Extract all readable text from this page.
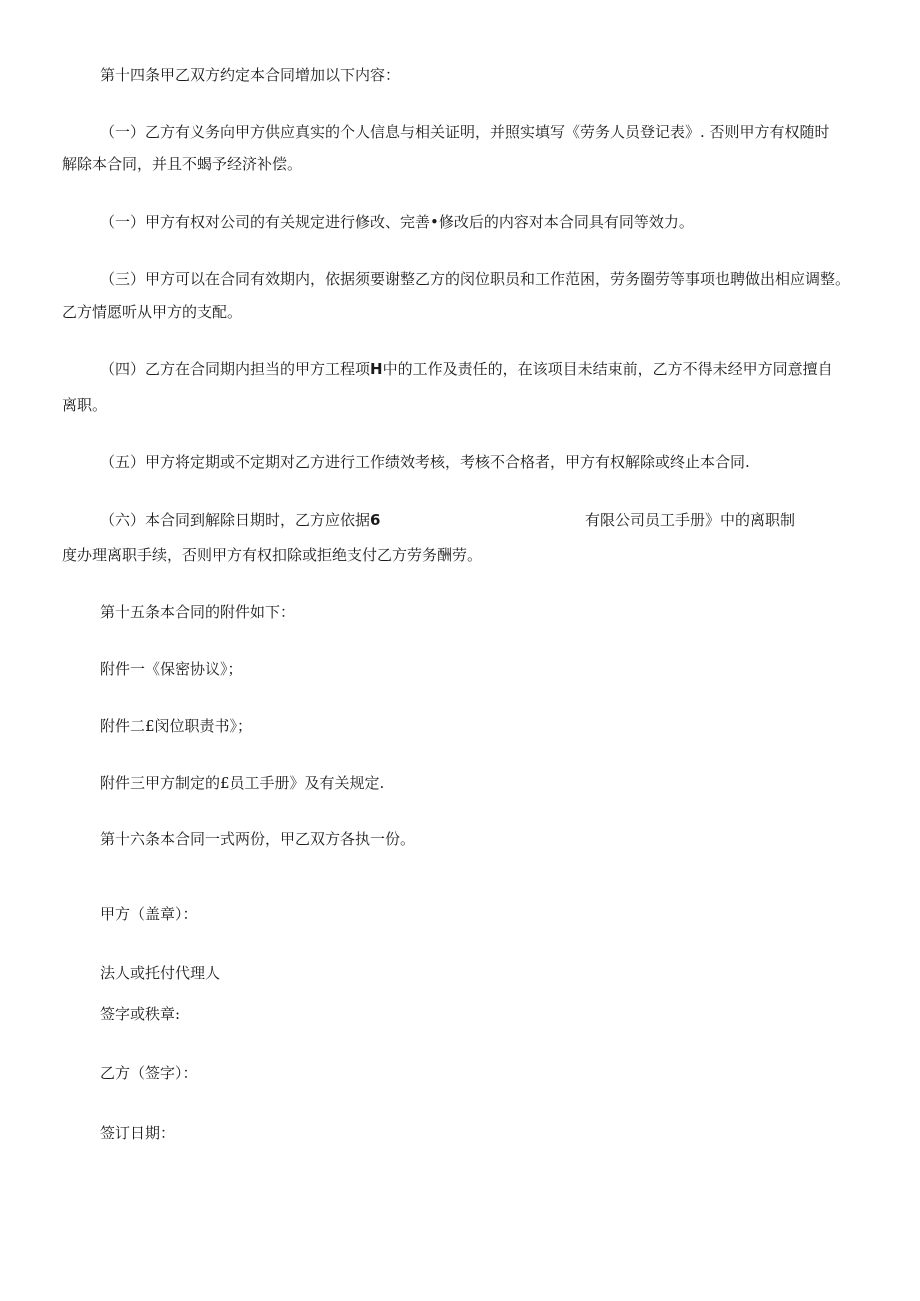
第十四条甲乙双方约定本合同增加以下内容：
（一）乙方有义务向甲方供应真实的个人信息与相关证明，并照实填写《劳务人员登记表》. 否则甲方有权随时
解除本合同，并且不蝎予经济补偿。
（一）甲方有权对公司的有关规定进行修改、完善•修改后的内容对本合同具有同等效力。
（三）甲方可以在合同有效期内，依据须要谢整乙方的闵位职员和工作范困，劳务圈劳等事项也聘做出相应调整。
乙方情愿听从甲方的支配。
（四）乙方在合同期内担当的甲方工程项H中的工作及责任的，在该项目未结束前，乙方不得未经甲方同意擅自
离职。
（五）甲方将定期或不定期对乙方进行工作绩效考核，考核不合格者，甲方有权解除或终止本合同.
（六）本合同到解除日期时，乙方应依据6	有限公司员工手册》中的离职制
度办理离职手续，否则甲方有权扣除或拒绝支付乙方劳务酬劳。
第十五条本合同的附件如下：
附件一《保密协议》；
附件二£闵位职责书》；
附件三甲方制定的£员工手册》及有关规定.
第十六条本合同一式两份，甲乙双方各执一份。
甲方（盖章）：
法人或托付代理人
签字或秩章:
乙方（签字）：
签订日期：
